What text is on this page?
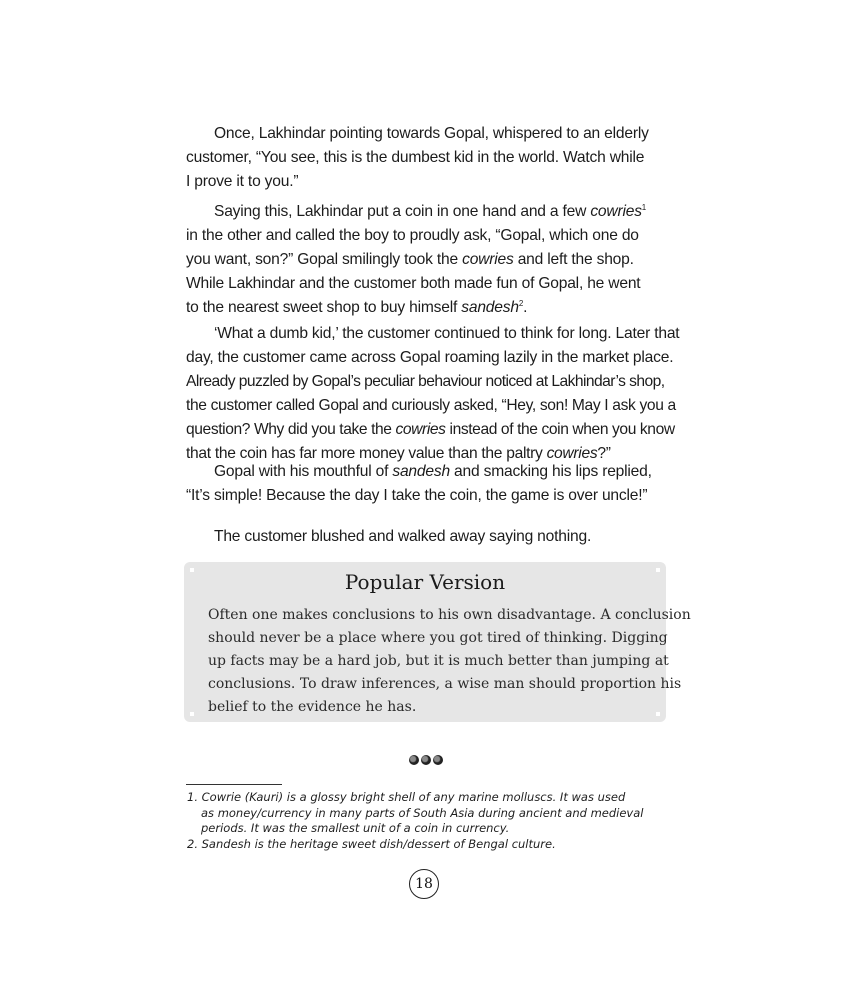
Once, Lakhindar pointing towards Gopal, whispered to an elderly
customer, “You see, this is the dumbest kid in the world. Watch while
I prove it to you.”

Saying this, Lakhindar put a coin in one hand and a few cowries$^1$
in the other and called the boy to proudly ask, “Gopal, which one do
you want, son?” Gopal smilingly took the cowries and left the shop.
While Lakhindar and the customer both made fun of Gopal, he went
to the nearest sweet shop to buy himself sandesh$^2$.

‘What a dumb kid,’ the customer continued to think for long. Later that
day, the customer came across Gopal roaming lazily in the market place.
Already puzzled by Gopal’s peculiar behaviour noticed at Lakhindar’s shop,
the customer called Gopal and curiously asked, “Hey, son! May I ask you a
question? Why did you take the cowries instead of the coin when you know
that the coin has far more money value than the paltry cowries?”

Gopal with his mouthful of sandesh and smacking his lips replied,
“It’s simple! Because the day I take the coin, the game is over uncle!”

The customer blushed and walked away saying nothing.

Popular Version
Often one makes conclusions to his own disadvantage. A conclusion
should never be a place where you got tired of thinking. Digging
up facts may be a hard job, but it is much better than jumping at
conclusions. To draw inferences, a wise man should proportion his
belief to the evidence he has.
1. Cowrie (Kauri) is a glossy bright shell of any marine molluscs. It was used
as money/currency in many parts of South Asia during ancient and medieval
periods. It was the smallest unit of a coin in currency.
2. Sandesh is the heritage sweet dish/dessert of Bengal culture.
18
